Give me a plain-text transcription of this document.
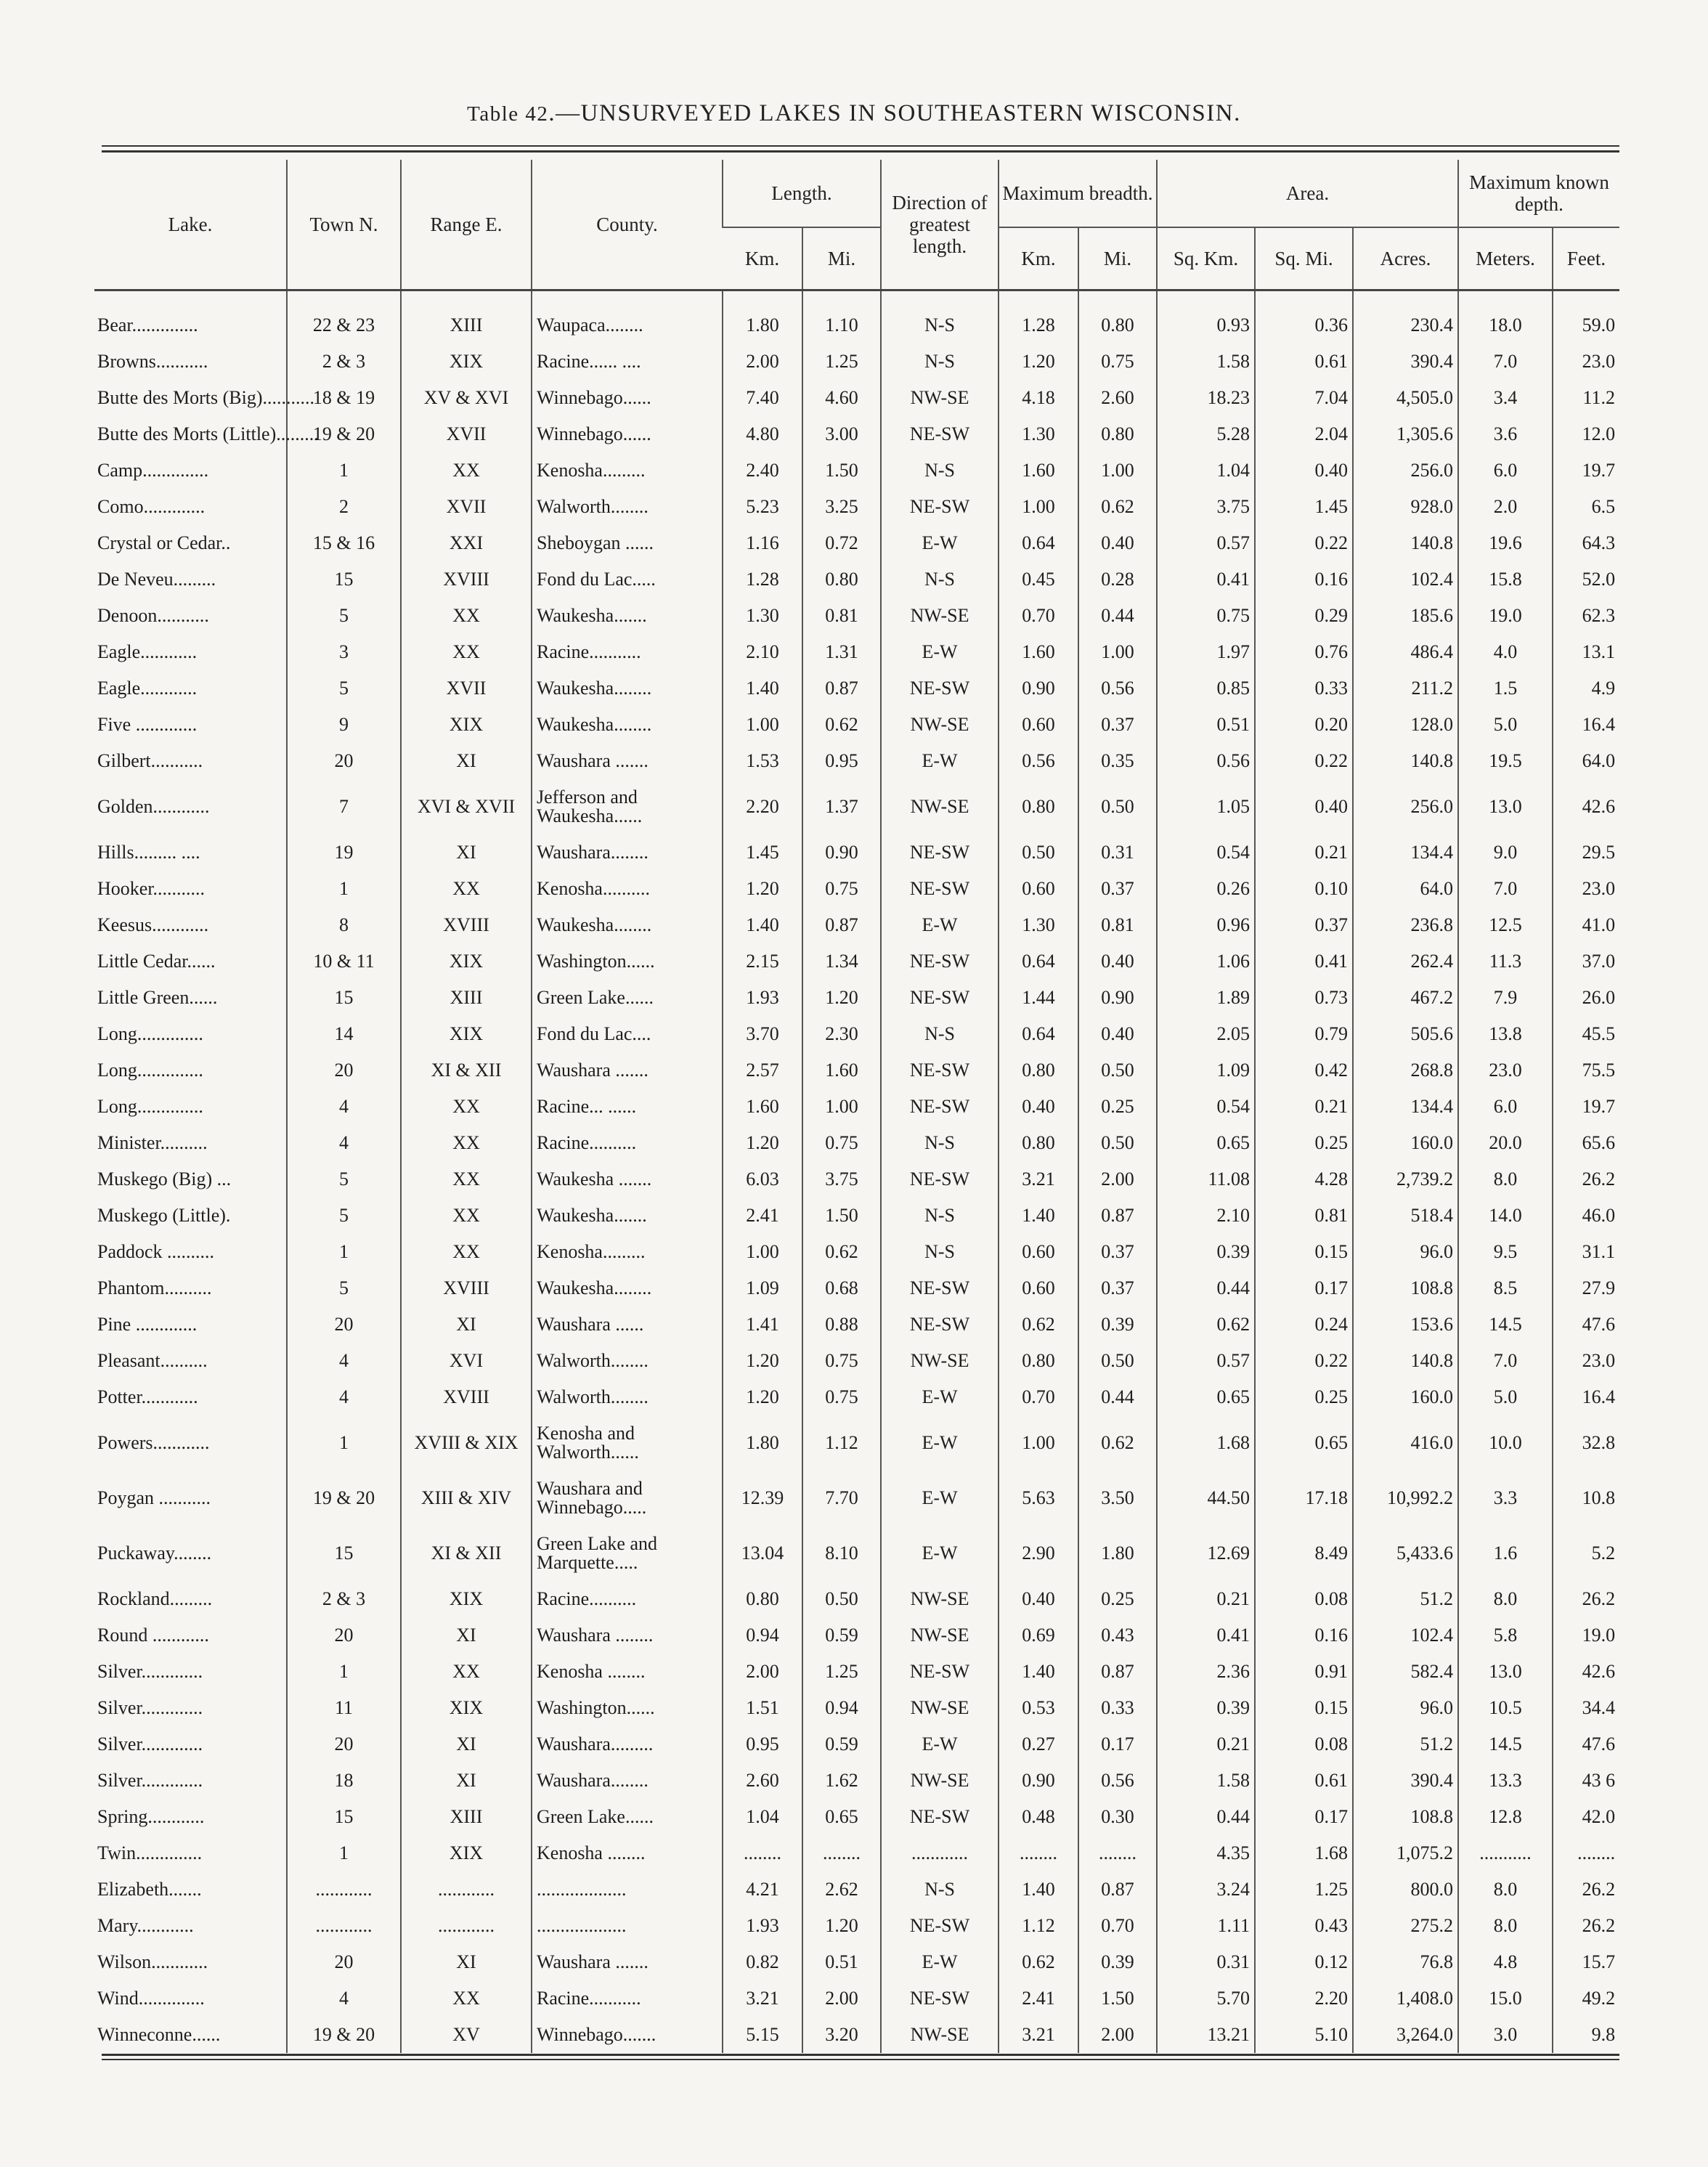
Table 42.—UNSURVEYED LAKES IN SOUTHEASTERN WISCONSIN.
Lake.	Town N.	Range E.	County.	Length.		Direction of greatest length.	Maximum breadth.		Area.			Maximum known depth.	
				Km.	Mi.		Km.	Mi.	Sq. Km.	Sq. Mi.	Acres.	Meters.	Feet.

Bear..............	22 & 23	XIII	Waupaca........	1.80	1.10	N-S	1.28	0.80	0.93	0.36	230.4	18.0	59.0
Browns...........	2 & 3	XIX	Racine...... ....	2.00	1.25	N-S	1.20	0.75	1.58	0.61	390.4	7.0	23.0
Butte des Morts (Big)...........	18 & 19	XV & XVI	Winnebago......	7.40	4.60	NW-SE	4.18	2.60	18.23	7.04	4,505.0	3.4	11.2
Butte des Morts (Little).........	19 & 20	XVII	Winnebago......	4.80	3.00	NE-SW	1.30	0.80	5.28	2.04	1,305.6	3.6	12.0
Camp..............	1	XX	Kenosha.........	2.40	1.50	N-S	1.60	1.00	1.04	0.40	256.0	6.0	19.7
Como.............	2	XVII	Walworth........	5.23	3.25	NE-SW	1.00	0.62	3.75	1.45	928.0	2.0	6.5
Crystal or Cedar..	15 & 16	XXI	Sheboygan ......	1.16	0.72	E-W	0.64	0.40	0.57	0.22	140.8	19.6	64.3
De Neveu.........	15	XVIII	Fond du Lac.....	1.28	0.80	N-S	0.45	0.28	0.41	0.16	102.4	15.8	52.0
Denoon...........	5	XX	Waukesha.......	1.30	0.81	NW-SE	0.70	0.44	0.75	0.29	185.6	19.0	62.3
Eagle............	3	XX	Racine...........	2.10	1.31	E-W	1.60	1.00	1.97	0.76	486.4	4.0	13.1
Eagle............	5	XVII	Waukesha........	1.40	0.87	NE-SW	0.90	0.56	0.85	0.33	211.2	1.5	4.9
Five .............	9	XIX	Waukesha........	1.00	0.62	NW-SE	0.60	0.37	0.51	0.20	128.0	5.0	16.4
Gilbert...........	20	XI	Waushara .......	1.53	0.95	E-W	0.56	0.35	0.56	0.22	140.8	19.5	64.0
Golden............	7	XVI & XVII	Jefferson and Waukesha......	2.20	1.37	NW-SE	0.80	0.50	1.05	0.40	256.0	13.0	42.6
Hills......... ....	19	XI	Waushara........	1.45	0.90	NE-SW	0.50	0.31	0.54	0.21	134.4	9.0	29.5
Hooker...........	1	XX	Kenosha..........	1.20	0.75	NE-SW	0.60	0.37	0.26	0.10	64.0	7.0	23.0
Keesus............	8	XVIII	Waukesha........	1.40	0.87	E-W	1.30	0.81	0.96	0.37	236.8	12.5	41.0
Little Cedar......	10 & 11	XIX	Washington......	2.15	1.34	NE-SW	0.64	0.40	1.06	0.41	262.4	11.3	37.0
Little Green......	15	XIII	Green Lake......	1.93	1.20	NE-SW	1.44	0.90	1.89	0.73	467.2	7.9	26.0
Long..............	14	XIX	Fond du Lac....	3.70	2.30	N-S	0.64	0.40	2.05	0.79	505.6	13.8	45.5
Long..............	20	XI & XII	Waushara .......	2.57	1.60	NE-SW	0.80	0.50	1.09	0.42	268.8	23.0	75.5
Long..............	4	XX	Racine... ......	1.60	1.00	NE-SW	0.40	0.25	0.54	0.21	134.4	6.0	19.7
Minister..........	4	XX	Racine..........	1.20	0.75	N-S	0.80	0.50	0.65	0.25	160.0	20.0	65.6
Muskego (Big) ...	5	XX	Waukesha .......	6.03	3.75	NE-SW	3.21	2.00	11.08	4.28	2,739.2	8.0	26.2
Muskego (Little).	5	XX	Waukesha.......	2.41	1.50	N-S	1.40	0.87	2.10	0.81	518.4	14.0	46.0
Paddock ..........	1	XX	Kenosha.........	1.00	0.62	N-S	0.60	0.37	0.39	0.15	96.0	9.5	31.1
Phantom..........	5	XVIII	Waukesha........	1.09	0.68	NE-SW	0.60	0.37	0.44	0.17	108.8	8.5	27.9
Pine .............	20	XI	Waushara ......	1.41	0.88	NE-SW	0.62	0.39	0.62	0.24	153.6	14.5	47.6
Pleasant..........	4	XVI	Walworth........	1.20	0.75	NW-SE	0.80	0.50	0.57	0.22	140.8	7.0	23.0
Potter............	4	XVIII	Walworth........	1.20	0.75	E-W	0.70	0.44	0.65	0.25	160.0	5.0	16.4
Powers............	1	XVIII & XIX	Kenosha and Walworth......	1.80	1.12	E-W	1.00	0.62	1.68	0.65	416.0	10.0	32.8
Poygan ...........	19 & 20	XIII & XIV	Waushara and Winnebago.....	12.39	7.70	E-W	5.63	3.50	44.50	17.18	10,992.2	3.3	10.8
Puckaway........	15	XI & XII	Green Lake and Marquette.....	13.04	8.10	E-W	2.90	1.80	12.69	8.49	5,433.6	1.6	5.2
Rockland.........	2 & 3	XIX	Racine..........	0.80	0.50	NW-SE	0.40	0.25	0.21	0.08	51.2	8.0	26.2
Round ............	20	XI	Waushara ........	0.94	0.59	NW-SE	0.69	0.43	0.41	0.16	102.4	5.8	19.0
Silver.............	1	XX	Kenosha ........	2.00	1.25	NE-SW	1.40	0.87	2.36	0.91	582.4	13.0	42.6
Silver.............	11	XIX	Washington......	1.51	0.94	NW-SE	0.53	0.33	0.39	0.15	96.0	10.5	34.4
Silver.............	20	XI	Waushara.........	0.95	0.59	E-W	0.27	0.17	0.21	0.08	51.2	14.5	47.6
Silver.............	18	XI	Waushara........	2.60	1.62	NW-SE	0.90	0.56	1.58	0.61	390.4	13.3	43 6
Spring............	15	XIII	Green Lake......	1.04	0.65	NE-SW	0.48	0.30	0.44	0.17	108.8	12.8	42.0
Twin..............	1	XIX	Kenosha ........	........	........	............	........	........	4.35	1.68	1,075.2	...........	........
Elizabeth.......	............	............	...................	4.21	2.62	N-S	1.40	0.87	3.24	1.25	800.0	8.0	26.2
Mary............	............	............	...................	1.93	1.20	NE-SW	1.12	0.70	1.11	0.43	275.2	8.0	26.2
Wilson............	20	XI	Waushara .......	0.82	0.51	E-W	0.62	0.39	0.31	0.12	76.8	4.8	15.7
Wind..............	4	XX	Racine...........	3.21	2.00	NE-SW	2.41	1.50	5.70	2.20	1,408.0	15.0	49.2
Winneconne......	19 & 20	XV	Winnebago.......	5.15	3.20	NW-SE	3.21	2.00	13.21	5.10	3,264.0	3.0	9.8
